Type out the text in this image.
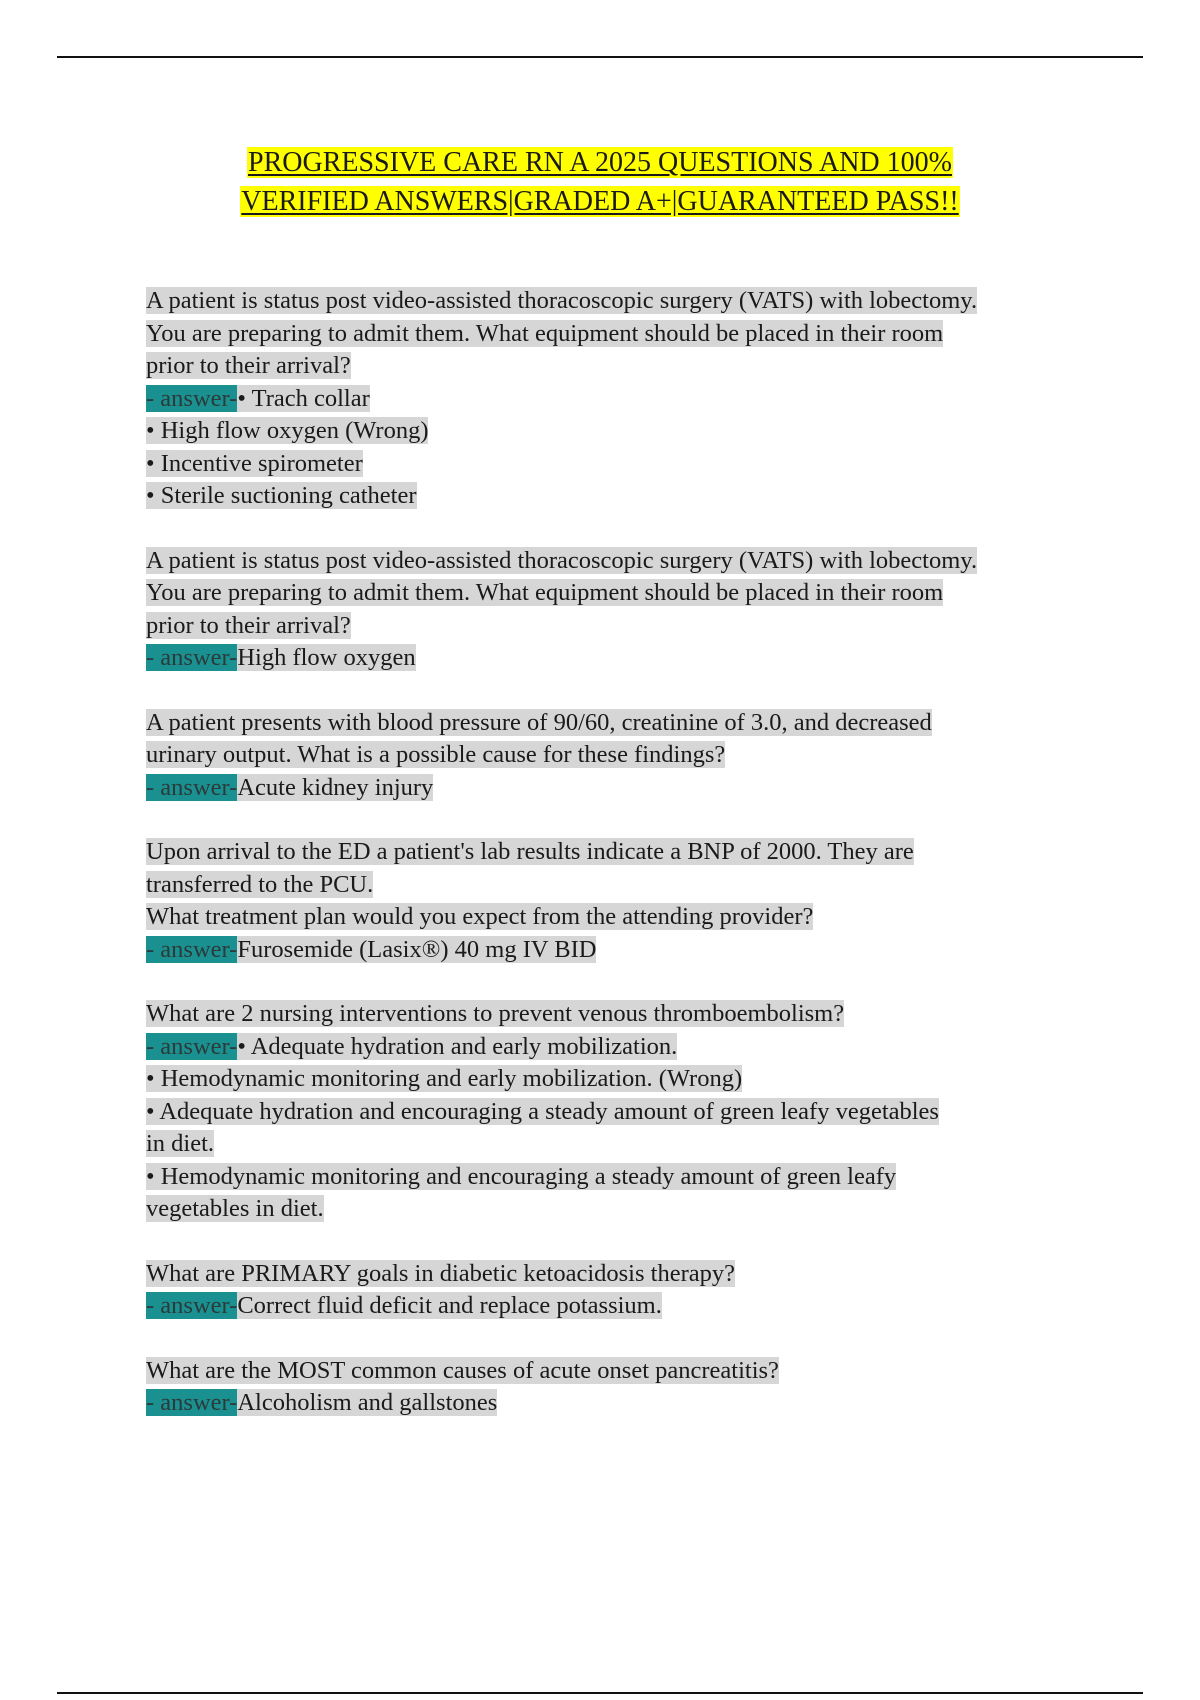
PROGRESSIVE CARE RN A 2025 QUESTIONS AND 100%
VERIFIED ANSWERS|GRADED A+|GUARANTEED PASS!!
A patient is status post video-assisted thoracoscopic surgery (VATS) with lobectomy.
You are preparing to admit them. What equipment should be placed in their room
prior to their arrival?
- answer-• Trach collar
• High flow oxygen (Wrong)
• Incentive spirometer
• Sterile suctioning catheter
A patient is status post video-assisted thoracoscopic surgery (VATS) with lobectomy.
You are preparing to admit them. What equipment should be placed in their room
prior to their arrival?
- answer-High flow oxygen
A patient presents with blood pressure of 90/60, creatinine of 3.0, and decreased
urinary output. What is a possible cause for these findings?
- answer-Acute kidney injury
Upon arrival to the ED a patient's lab results indicate a BNP of 2000. They are
transferred to the PCU.
What treatment plan would you expect from the attending provider?
- answer-Furosemide (Lasix®) 40 mg IV BID
What are 2 nursing interventions to prevent venous thromboembolism?
- answer-• Adequate hydration and early mobilization.
• Hemodynamic monitoring and early mobilization. (Wrong)
• Adequate hydration and encouraging a steady amount of green leafy vegetables
in diet.
• Hemodynamic monitoring and encouraging a steady amount of green leafy
vegetables in diet.
What are PRIMARY goals in diabetic ketoacidosis therapy?
- answer-Correct fluid deficit and replace potassium.
What are the MOST common causes of acute onset pancreatitis?
- answer-Alcoholism and gallstones
